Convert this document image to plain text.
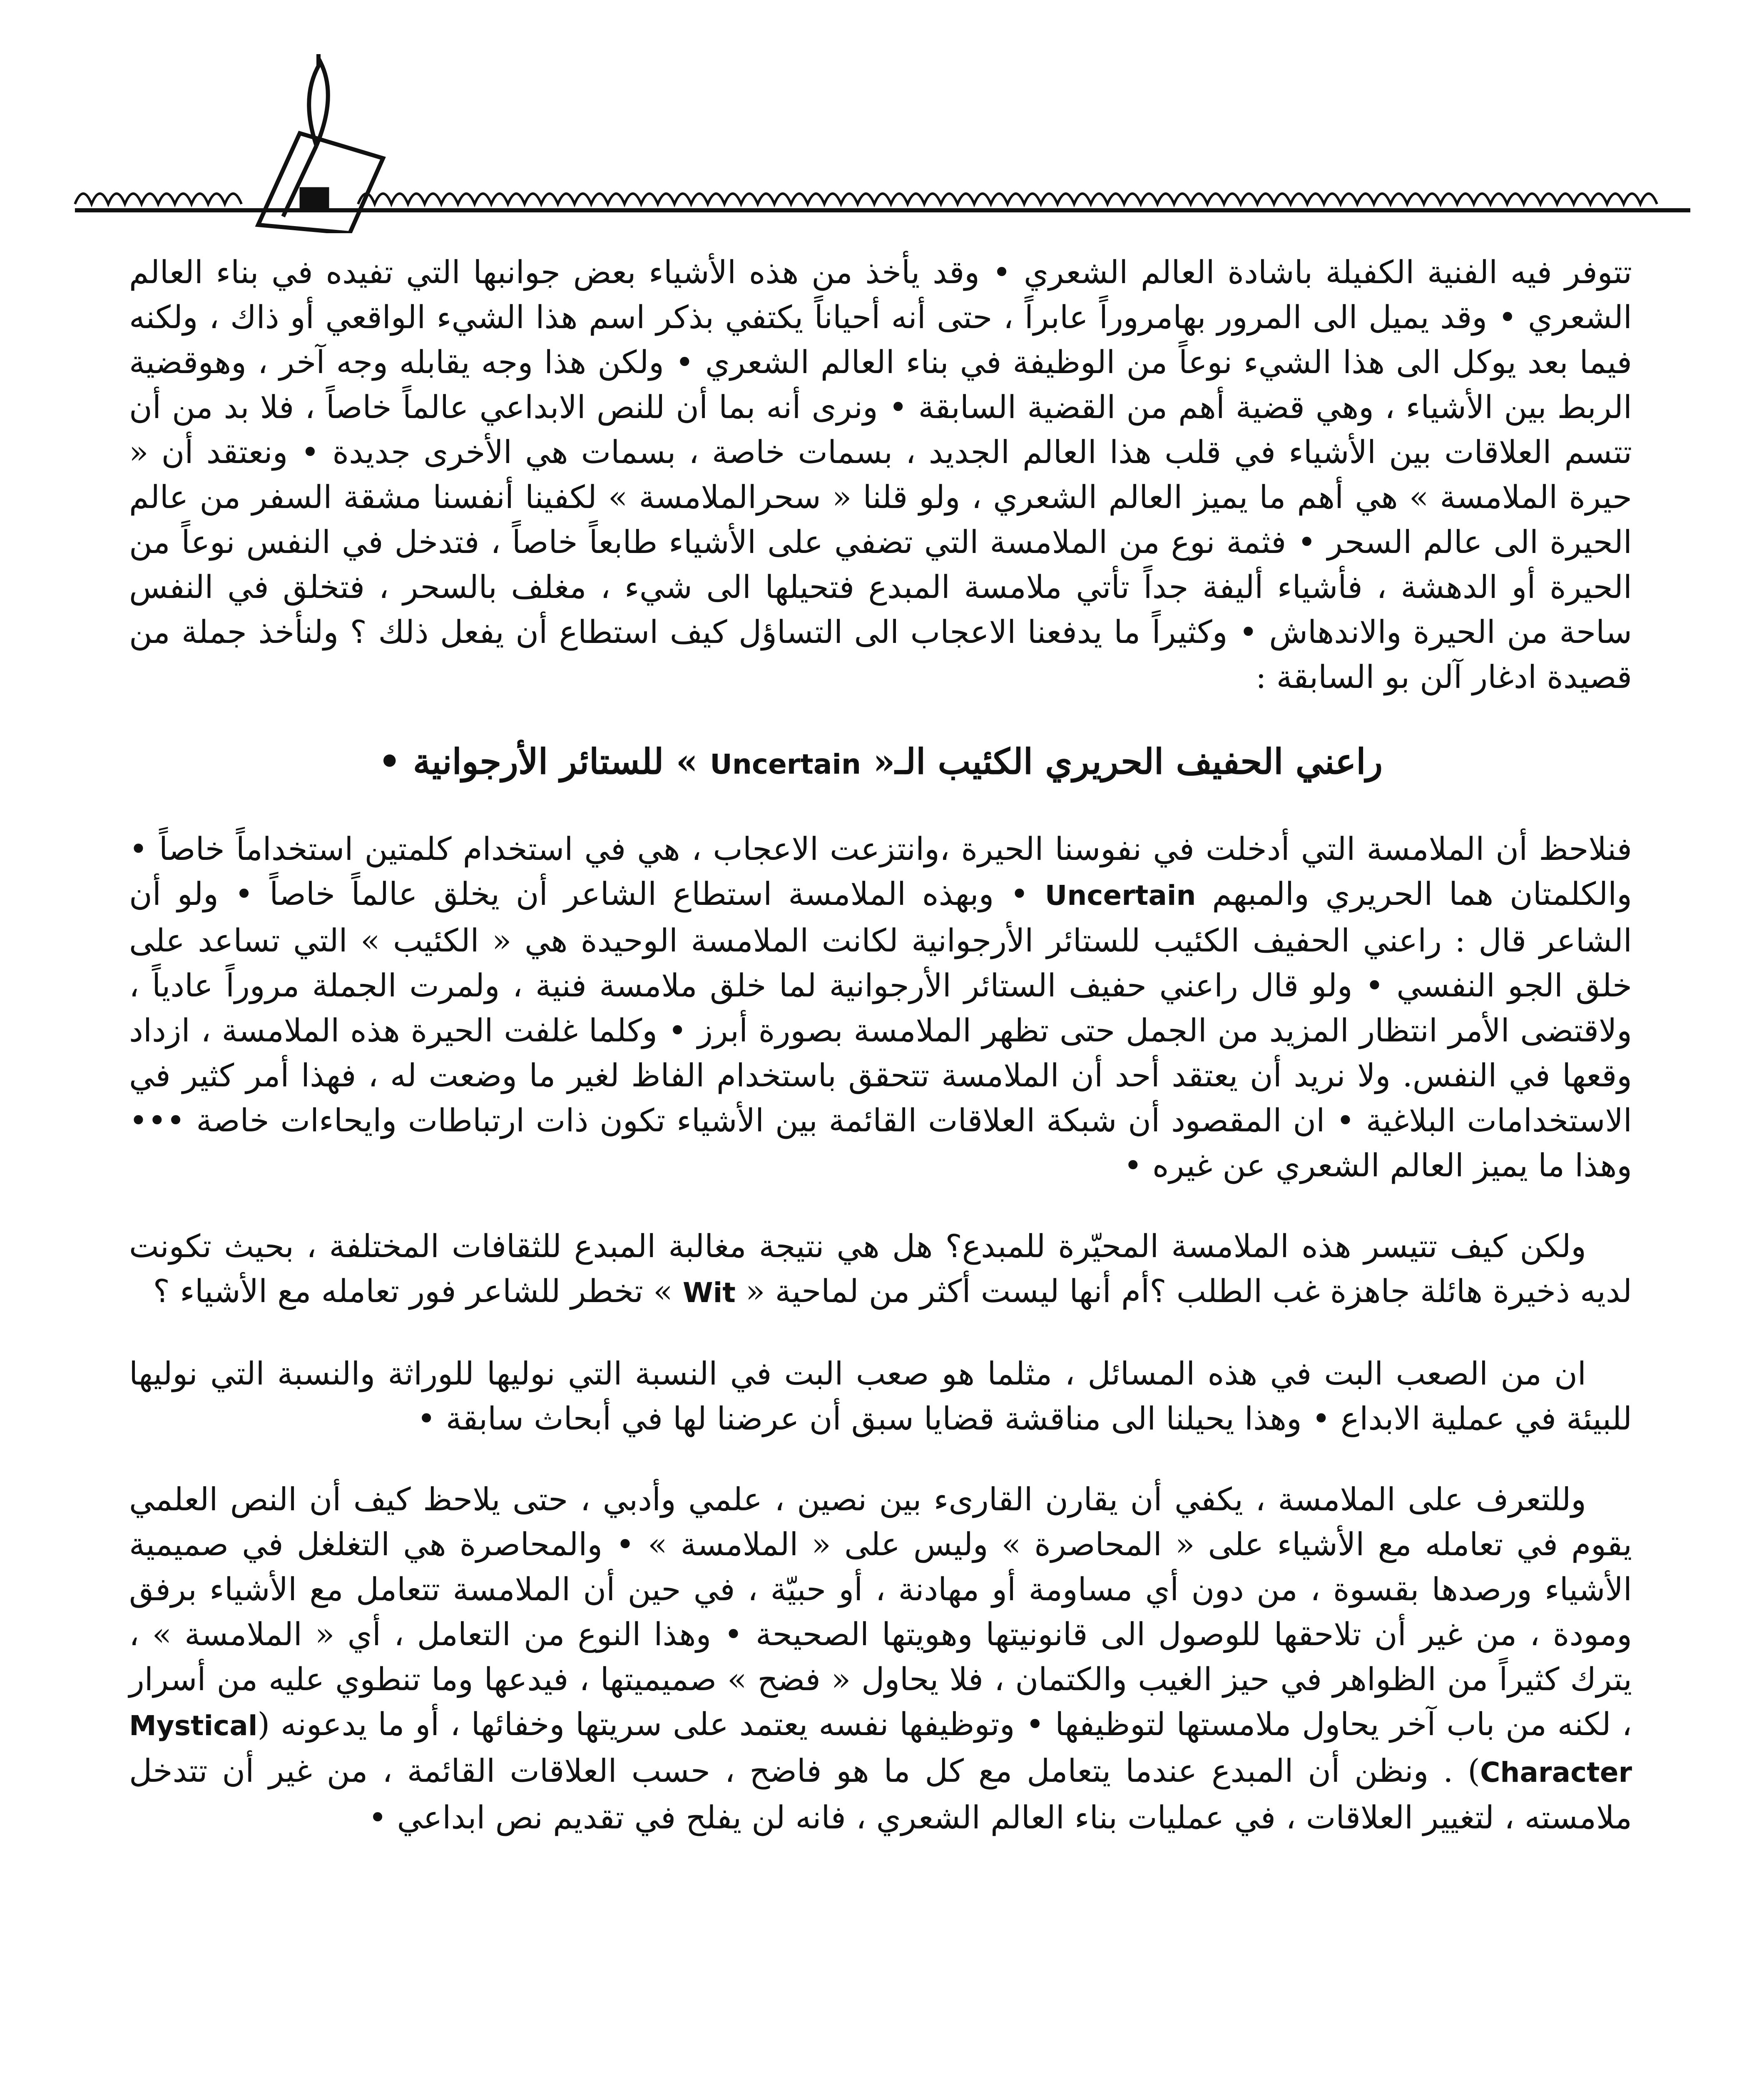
تتوفر فيه الفنية الكفيلة باشادة العالم الشعري • وقد يأخذ من هذه الأشياء بعض جوانبها التي تفيده في بناء العالم الشعري • وقد يميل الى المرور بهامروراً عابراً ، حتى أنه أحياناً يكتفي بذكر اسم هذا الشيء الواقعي أو ذاك ، ولكنه فيما بعد يوكل الى هذا الشيء نوعاً من الوظيفة في بناء العالم الشعري • ولكن هذا وجه يقابله وجه آخر ، وهوقضية الربط بين الأشياء ، وهي قضية أهم من القضية السابقة • ونرى أنه بما أن للنص الابداعي عالماً خاصاً ، فلا بد من أن تتسم العلاقات بين الأشياء في قلب هذا العالم الجديد ، بسمات خاصة ، بسمات هي الأخرى جديدة • ونعتقد أن « حيرة الملامسة » هي أهم ما يميز العالم الشعري ، ولو قلنا « سحرالملامسة » لكفينا أنفسنا مشقة السفر من عالم الحيرة الى عالم السحر • فثمة نوع من الملامسة التي تضفي على الأشياء طابعاً خاصاً ، فتدخل في النفس نوعاً من الحيرة أو الدهشة ، فأشياء أليفة جداً تأتي ملامسة المبدع فتحيلها الى شيء ، مغلف بالسحر ، فتخلق في النفس ساحة من الحيرة والاندهاش • وكثيراً ما يدفعنا الاعجاب الى التساؤل كيف استطاع أن يفعل ذلك ؟ ولنأخذ جملة من قصيدة ادغار آلن بو السابقة :

راعني الحفيف الحريري الكئيب الـ« Uncertain » للستائر الأرجوانية •

فنلاحظ أن الملامسة التي أدخلت في نفوسنا الحيرة ،وانتزعت الاعجاب ، هي في استخدام كلمتين استخداماً خاصاً • والكلمتان هما الحريري والمبهم Uncertain • وبهذه الملامسة استطاع الشاعر أن يخلق عالماً خاصاً • ولو أن الشاعر قال : راعني الحفيف الكئيب للستائر الأرجوانية لكانت الملامسة الوحيدة هي « الكئيب » التي تساعد على خلق الجو النفسي • ولو قال راعني حفيف الستائر الأرجوانية لما خلق ملامسة فنية ، ولمرت الجملة مروراً عادياً ، ولاقتضى الأمر انتظار المزيد من الجمل حتى تظهر الملامسة بصورة أبرز • وكلما غلفت الحيرة هذه الملامسة ، ازداد وقعها في النفس. ولا نريد أن يعتقد أحد أن الملامسة تتحقق باستخدام الفاظ لغير ما وضعت له ، فهذا أمر كثير في الاستخدامات البلاغية • ان المقصود أن شبكة العلاقات القائمة بين الأشياء تكون ذات ارتباطات وايحاءات خاصة ••• وهذا ما يميز العالم الشعري عن غيره •

ولكن كيف تتيسر هذه الملامسة المحيّرة للمبدع؟ هل هي نتيجة مغالبة المبدع للثقافات المختلفة ، بحيث تكونت لديه ذخيرة هائلة جاهزة غب الطلب ؟أم أنها ليست أكثر من لماحية « Wit » تخطر للشاعر فور تعامله مع الأشياء ؟

ان من الصعب البت في هذه المسائل ، مثلما هو صعب البت في النسبة التي نوليها للوراثة والنسبة التي نوليها للبيئة في عملية الابداع • وهذا يحيلنا الى مناقشة قضايا سبق أن عرضنا لها في أبحاث سابقة •

وللتعرف على الملامسة ، يكفي أن يقارن القارىء بين نصين ، علمي وأدبي ، حتى يلاحظ كيف أن النص العلمي يقوم في تعامله مع الأشياء على « المحاصرة » وليس على « الملامسة » • والمحاصرة هي التغلغل في صميمية الأشياء ورصدها بقسوة ، من دون أي مساومة أو مهادنة ، أو حبيّة ، في حين أن الملامسة تتعامل مع الأشياء برفق ومودة ، من غير أن تلاحقها للوصول الى قانونيتها وهويتها الصحيحة • وهذا النوع من التعامل ، أي « الملامسة » ، يترك كثيراً من الظواهر في حيز الغيب والكتمان ، فلا يحاول « فضح » صميميتها ، فيدعها وما تنطوي عليه من أسرار ، لكنه من باب آخر يحاول ملامستها لتوظيفها • وتوظيفها نفسه يعتمد على سريتها وخفائها ، أو ما يدعونه (Mystical Character) . ونظن أن المبدع عندما يتعامل مع كل ما هو فاضح ، حسب العلاقات القائمة ، من غير أن تتدخل ملامسته ، لتغيير العلاقات ، في عمليات بناء العالم الشعري ، فانه لن يفلح في تقديم نص ابداعي •
